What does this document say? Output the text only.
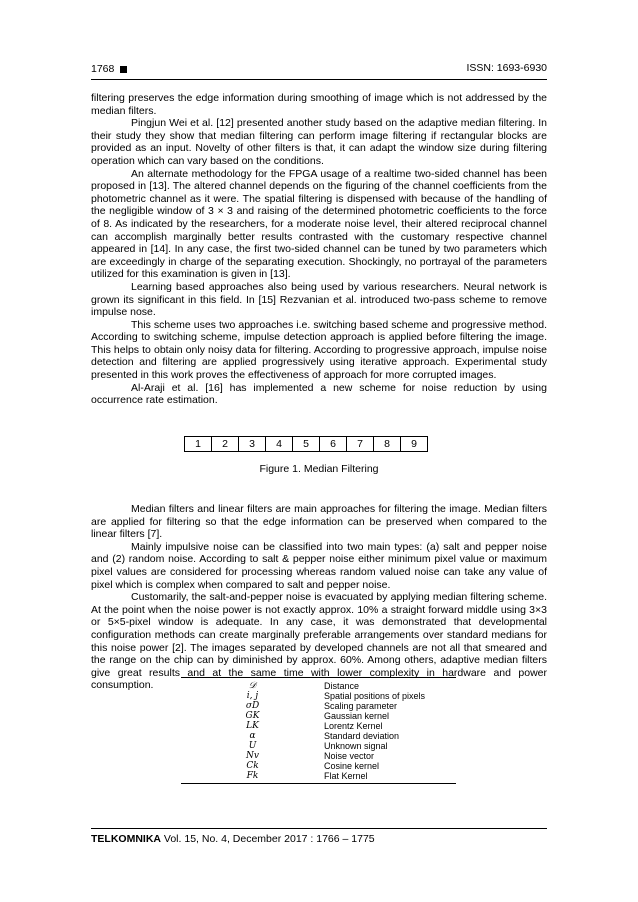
1768	ISSN: 1693-6930

filtering preserves the edge information during smoothing of image which is not addressed by the median filters.

Pingjun Wei et al. [12] presented another study based on the adaptive median filtering. In their study they show that median filtering can perform image filtering if rectangular blocks are provided as an input. Novelty of other filters is that, it can adapt the window size during filtering operation which can vary based on the conditions.

An alternate methodology for the FPGA usage of a realtime two-sided channel has been proposed in [13]. The altered channel depends on the figuring of the channel coefficients from the photometric channel as it were. The spatial filtering is dispensed with because of the handling of the negligible window of 3 × 3 and raising of the determined photometric coefficients to the force of 8. As indicated by the researchers, for a moderate noise level, their altered reciprocal channel can accomplish marginally better results contrasted with the customary respective channel appeared in [14]. In any case, the first two-sided channel can be tuned by two parameters which are exceedingly in charge of the separating execution. Shockingly, no portrayal of the parameters utilized for this examination is given in [13].

Learning based approaches also being used by various researchers. Neural network is grown its significant in this field. In [15] Rezvanian et al. introduced two-pass scheme to remove impulse nose.

This scheme uses two approaches i.e. switching based scheme and progressive method. According to switching scheme, impulse detection approach is applied before filtering the image. This helps to obtain only noisy data for filtering. According to progressive approach, impulse noise detection and filtering are applied progressively using iterative approach. Experimental study presented in this work proves the effectiveness of approach for more corrupted images.

Al-Araji et al. [16] has implemented a new scheme for noise reduction by using occurrence rate estimation.

1	2	3	4	5	6	7	8	9
Figure 1. Median Filtering

Median filters and linear filters are main approaches for filtering the image. Median filters are applied for filtering so that the edge information can be preserved when compared to the linear filters [7].

Mainly impulsive noise can be classified into two main types: (a) salt and pepper noise and (2) random noise. According to salt & pepper noise either minimum pixel value or maximum pixel values are considered for processing whereas random valued noise can take any value of pixel which is complex when compared to salt and pepper noise.

Customarily, the salt-and-pepper noise is evacuated by applying median filtering scheme. At the point when the noise power is not exactly approx. 10% a straight forward middle using 3×3 or 5×5-pixel window is adequate. In any case, it was demonstrated that developmental configuration methods can create marginally preferable arrangements over standard medians for this noise power [2]. The images separated by developed channels are not all that smeared and the range on the chip can by diminished by approx. 60%. Among others, adaptive median filters give great results and at the same time with lower complexity in hardware and power consumption.	𝒟	Distance
i, j	Spatial positions of pixels
σD	Scaling parameter
GK	Gaussian kernel
LK	Lorentz Kernel
α	Standard deviation
U	Unknown signal
Nv	Noise vector
Ck	Cosine kernel
Fk	Flat Kernel
TELKOMNIKA Vol. 15, No. 4, December 2017 : 1766 – 1775
